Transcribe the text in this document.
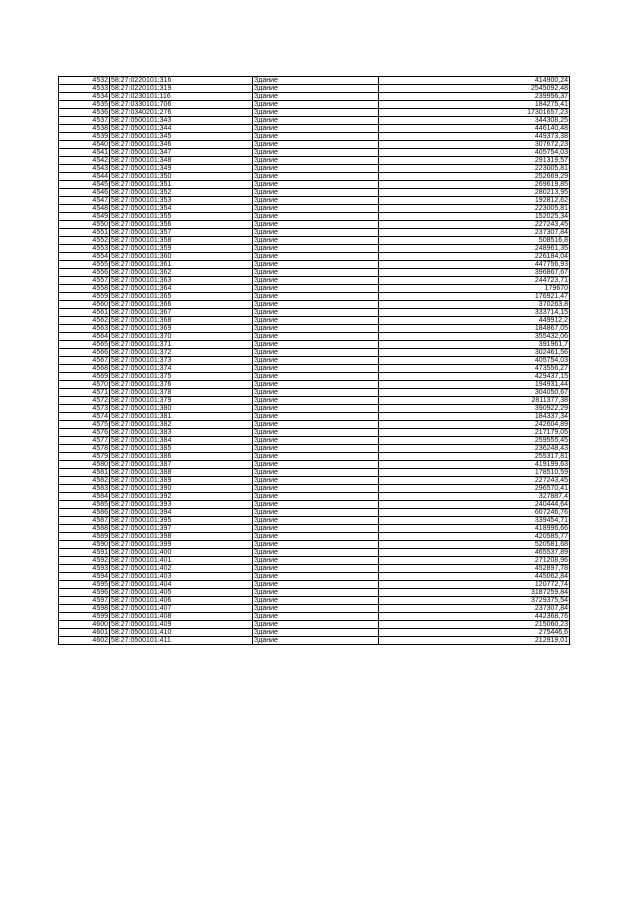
4532	58:27:0220101:316	Здание	414900,24
4533	58:27:0220101:319	Здание	2545092,48
4534	58:27:0230101:116	Здание	239956,37
4535	58:27:0330101:706	Здание	184275,41
4536	58:27:0340201:276	Здание	17301657,23
4537	58:27:0500101:343	Здание	344308,25
4538	58:27:0500101:344	Здание	446140,48
4539	58:27:0500101:345	Здание	449373,38
4540	58:27:0500101:346	Здание	307672,23
4541	58:27:0500101:347	Здание	405754,03
4542	58:27:0500101:348	Здание	291319,57
4543	58:27:0500101:349	Здание	223005,81
4544	58:27:0500101:350	Здание	252669,29
4545	58:27:0500101:351	Здание	269619,85
4546	58:27:0500101:352	Здание	280213,95
4547	58:27:0500101:353	Здание	192812,62
4548	58:27:0500101:354	Здание	223005,81
4549	58:27:0500101:355	Здание	152025,34
4550	58:27:0500101:356	Здание	227243,45
4551	58:27:0500101:357	Здание	237307,84
4552	58:27:0500101:358	Здание	508516,8
4553	58:27:0500101:359	Здание	248961,35
4554	58:27:0500101:360	Здание	226184,04
4555	58:27:0500101:361	Здание	447756,93
4556	58:27:0500101:362	Здание	396867,67
4557	58:27:0500101:363	Здание	244723,71
4558	58:27:0500101:364	Здание	179670
4559	58:27:0500101:365	Здание	176921,47
4560	58:27:0500101:366	Здание	370263,8
4561	58:27:0500101:367	Здание	333714,15
4562	58:27:0500101:368	Здание	449912,2
4563	58:27:0500101:369	Здание	184867,05
4564	58:27:0500101:370	Здание	355432,06
4565	58:27:0500101:371	Здание	391961,7
4566	58:27:0500101:372	Здание	302461,56
4567	58:27:0500101:373	Здание	405754,03
4568	58:27:0500101:374	Здание	473556,27
4569	58:27:0500101:375	Здание	429437,15
4570	58:27:0500101:376	Здание	194931,44
4571	58:27:0500101:378	Здание	304050,67
4572	58:27:0500101:379	Здание	2811377,38
4573	58:27:0500101:380	Здание	390922,29
4574	58:27:0500101:381	Здание	184337,34
4575	58:27:0500101:382	Здание	242604,89
4576	58:27:0500101:383	Здание	217179,05
4577	58:27:0500101:384	Здание	259555,45
4578	58:27:0500101:385	Здание	236248,43
4579	58:27:0500101:386	Здание	255317,81
4580	58:27:0500101:387	Здание	419199,63
4581	58:27:0500101:388	Здание	178510,59
4582	58:27:0500101:389	Здание	227243,45
4583	58:27:0500101:390	Здание	296570,41
4584	58:27:0500101:392	Здание	327887,4
4585	58:27:0500101:393	Здание	240444,64
4586	58:27:0500101:394	Здание	607246,76
4587	58:27:0500101:395	Здание	339454,71
4588	58:27:0500101:397	Здание	418996,66
4589	58:27:0500101:398	Здание	420585,77
4590	58:27:0500101:399	Здание	520581,68
4591	58:27:0500101:400	Здание	465537,89
4592	58:27:0500101:401	Здание	271208,96
4593	58:27:0500101:402	Здание	452897,78
4594	58:27:0500101:403	Здание	445062,84
4595	58:27:0500101:404	Здание	120772,74
4596	58:27:0500101:405	Здание	3187259,84
4597	58:27:0500101:406	Здание	3729375,54
4598	58:27:0500101:407	Здание	237307,84
4599	58:27:0500101:408	Здание	442368,76
4600	58:27:0500101:409	Здание	215060,23
4601	58:27:0500101:410	Здание	275446,6
4602	58:27:0500101:411	Здание	212919,01
